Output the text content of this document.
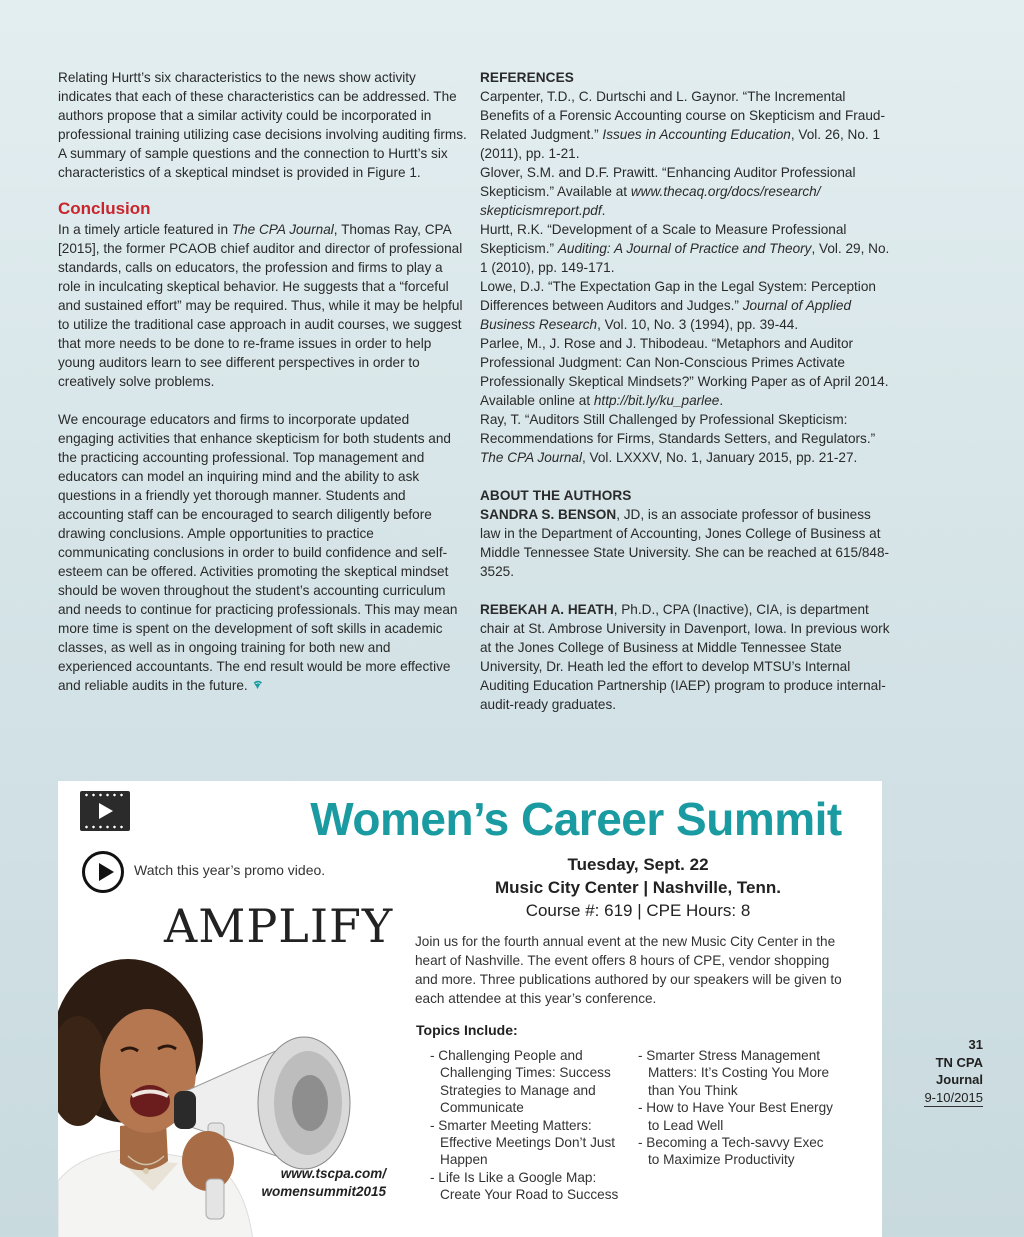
Relating Hurtt’s six characteristics to the news show activity indicates that each of these characteristics can be addressed. The authors propose that a similar activity could be incorporated in professional training utilizing case decisions involving auditing firms. A summary of sample questions and the connection to Hurtt’s six characteristics of a skeptical mindset is provided in Figure 1.

Conclusion

In a timely article featured in The CPA Journal, Thomas Ray, CPA [2015], the former PCAOB chief auditor and director of professional standards, calls on educators, the profession and firms to play a role in inculcating skeptical behavior. He suggests that a “forceful and sustained effort” may be required. Thus, while it may be helpful to utilize the traditional case approach in audit courses, we suggest that more needs to be done to re-frame issues in order to help young auditors learn to see different perspectives in order to creatively solve problems.

We encourage educators and firms to incorporate updated engaging activities that enhance skepticism for both students and the practicing accounting professional. Top management and educators can model an inquiring mind and the ability to ask questions in a friendly yet thorough manner. Students and accounting staff can be encouraged to search diligently before drawing conclusions. Ample opportunities to practice communicating conclusions in order to build confidence and self-esteem can be offered. Activities promoting the skeptical mindset should be woven throughout the student’s accounting curriculum and needs to continue for practicing professionals. This may mean more time is spent on the development of soft skills in academic classes, as well as in ongoing training for both new and experienced accountants. The end result would be more effective and reliable audits in the future.

REFERENCES

Carpenter, T.D., C. Durtschi and L. Gaynor. “The Incremental Benefits of a Forensic Accounting course on Skepticism and Fraud-Related Judgment.” Issues in Accounting Education, Vol. 26, No. 1 (2011), pp. 1-21.

Glover, S.M. and D.F. Prawitt. “Enhancing Auditor Professional Skepticism.” Available at www.thecaq.org/docs/research/ skepticismreport.pdf.

Hurtt, R.K. “Development of a Scale to Measure Professional Skepticism.” Auditing: A Journal of Practice and Theory, Vol. 29, No. 1 (2010), pp. 149-171.

Lowe, D.J. “The Expectation Gap in the Legal System: Perception Differences between Auditors and Judges.” Journal of Applied Business Research, Vol. 10, No. 3 (1994), pp. 39-44.

Parlee, M., J. Rose and J. Thibodeau. “Metaphors and Auditor Professional Judgment: Can Non-Conscious Primes Activate Professionally Skeptical Mindsets?” Working Paper as of April 2014. Available online at http://bit.ly/ku_parlee.

Ray, T. “Auditors Still Challenged by Professional Skepticism: Recommendations for Firms, Standards Setters, and Regulators.” The CPA Journal, Vol. LXXXV, No. 1, January 2015, pp. 21-27.

ABOUT THE AUTHORS

SANDRA S. BENSON, JD, is an associate professor of business law in the Department of Accounting, Jones College of Business at Middle Tennessee State University. She can be reached at 615/848-3525.

REBEKAH A. HEATH, Ph.D., CPA (Inactive), CIA, is department chair at St. Ambrose University in Davenport, Iowa. In previous work at the Jones College of Business at Middle Tennessee State University, Dr. Heath led the effort to develop MTSU’s Internal Auditing Education Partnership (IAEP) program to produce internal-audit-ready graduates.

Women’s Career Summit
Watch this year’s promo video.
AMPLIFY
www.tscpa.com/
womensummit2015
Tuesday, Sept. 22
Music City Center | Nashville, Tenn.
Course #: 619 | CPE Hours: 8

Join us for the fourth annual event at the new Music City Center in the heart of Nashville. The event offers 8 hours of CPE, vendor shopping and more. Three publications authored by our speakers will be given to each attendee at this year’s conference.

Topics Include:
- Challenging People and Challenging Times: Success Strategies to Manage and Communicate
- Smarter Meeting Matters: Effective Meetings Don’t Just Happen
- Life Is Like a Google Map: Create Your Road to Success
- Smarter Stress Management Matters: It’s Costing You More than You Think
- How to Have Your Best Energy to Lead Well
- Becoming a Tech-savvy Exec to Maximize Productivity
31
TN CPA
Journal
9-10/2015
